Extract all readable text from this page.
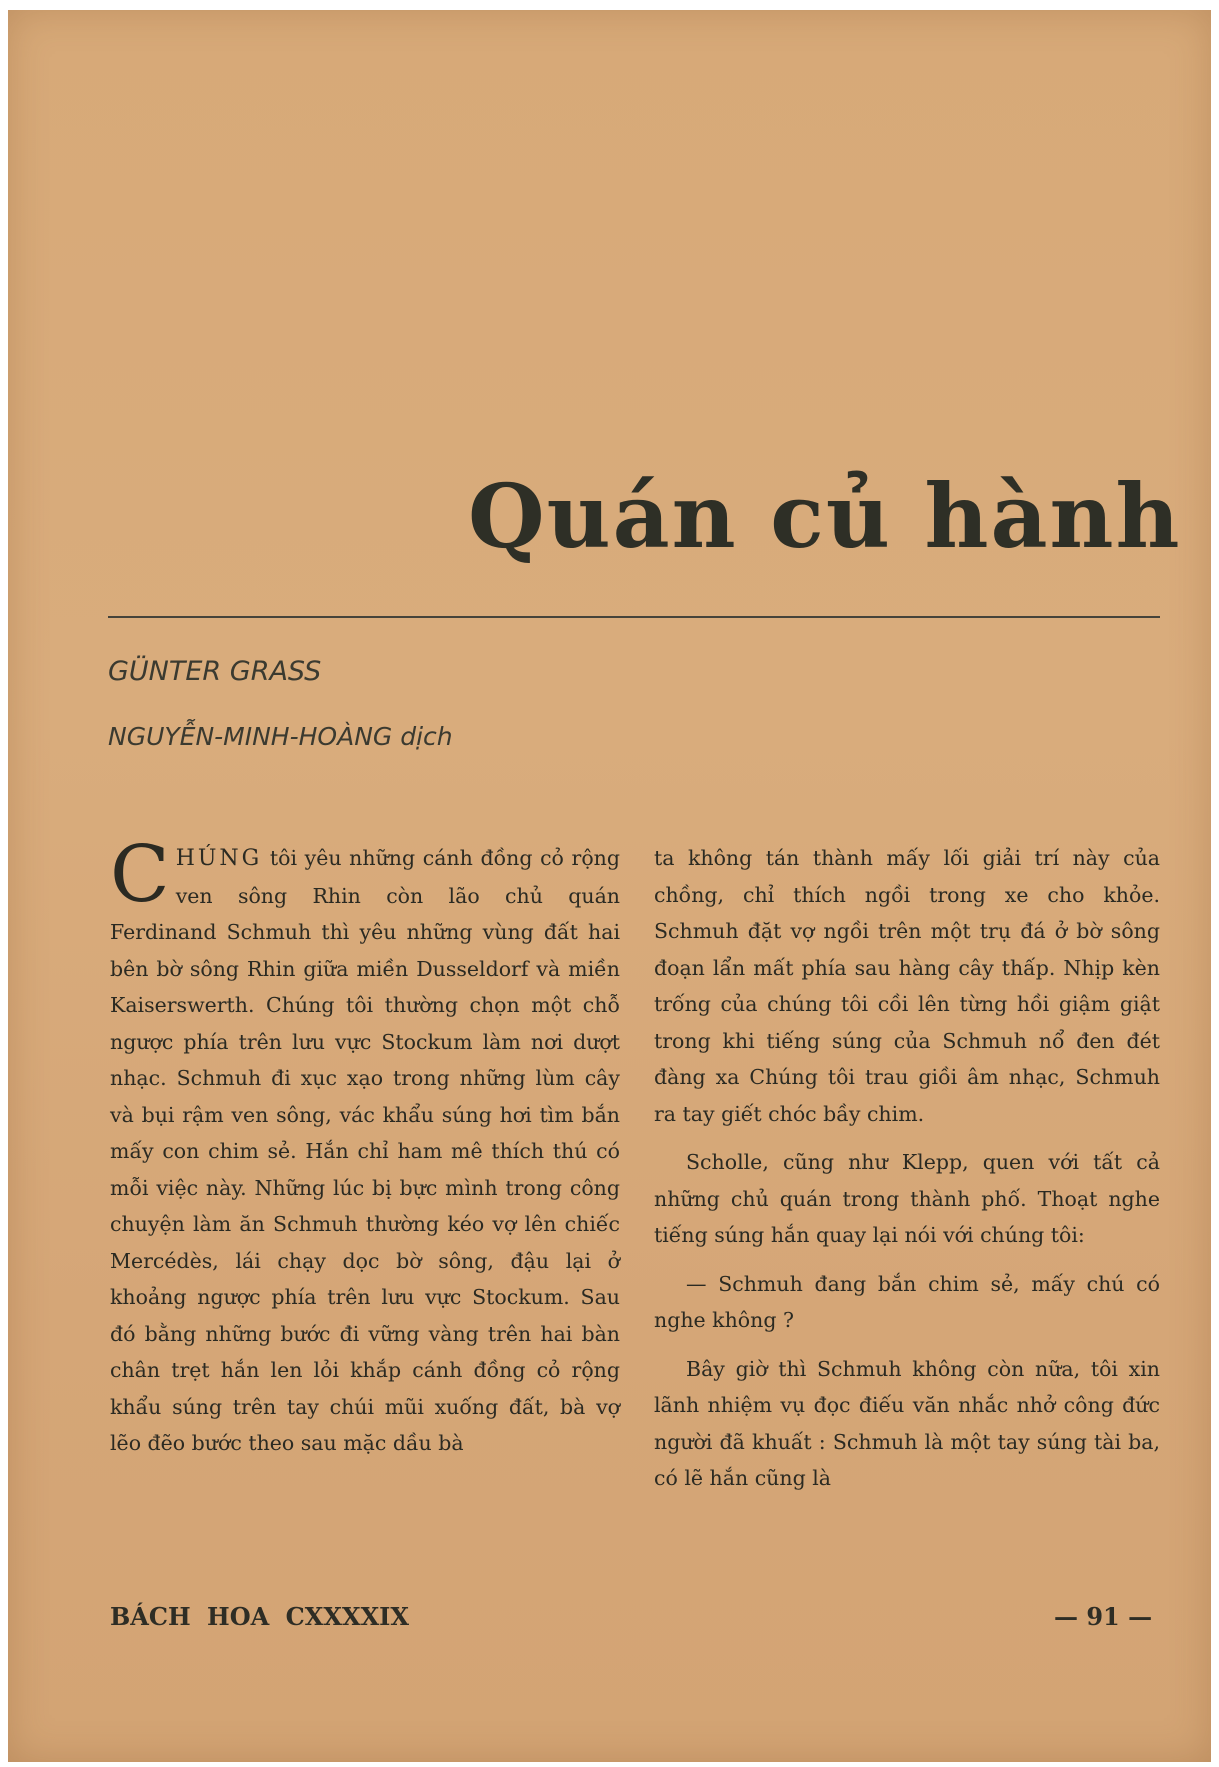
Quán củ hành
GÜNTER GRASS
NGUYỄN-MINH-HOÀNG dịch

CHÚNG tôi yêu những cánh đồng cỏ rộng ven sông Rhin còn lão chủ quán Ferdinand Schmuh thì yêu những vùng đất hai bên bờ sông Rhin giữa miền Dusseldorf và miền Kaiserswerth. Chúng tôi thường chọn một chỗ ngược phía trên lưu vực Stockum làm nơi dượt nhạc. Schmuh đi xục xạo trong những lùm cây và bụi rậm ven sông, vác khẩu súng hơi tìm bắn mấy con chim sẻ. Hắn chỉ ham mê thích thú có mỗi việc này. Những lúc bị bực mình trong công chuyện làm ăn Schmuh thường kéo vợ lên chiếc Mercédès, lái chạy dọc bờ sông, đậu lại ở khoảng ngược phía trên lưu vực Stockum. Sau đó bằng những bước đi vững vàng trên hai bàn chân trẹt hắn len lỏi khắp cánh đồng cỏ rộng khẩu súng trên tay chúi mũi xuống đất, bà vợ lẽo đẽo bước theo sau mặc dầu bà

ta không tán thành mấy lối giải trí này của chồng, chỉ thích ngồi trong xe cho khỏe. Schmuh đặt vợ ngồi trên một trụ đá ở bờ sông đoạn lẩn mất phía sau hàng cây thấp. Nhịp kèn trống của chúng tôi cồi lên từng hồi giậm giật trong khi tiếng súng của Schmuh nổ đen đét đàng xa Chúng tôi trau giồi âm nhạc, Schmuh ra tay giết chóc bầy chim.

Scholle, cũng như Klepp, quen với tất cả những chủ quán trong thành phố. Thoạt nghe tiếng súng hắn quay lại nói với chúng tôi:

— Schmuh đang bắn chim sẻ, mấy chú có nghe không ?

Bây giờ thì Schmuh không còn nữa, tôi xin lãnh nhiệm vụ đọc điếu văn nhắc nhở công đức người đã khuất : Schmuh là một tay súng tài ba, có lẽ hắn cũng là

BÁCH HOA CXXXXIX	— 91 —
